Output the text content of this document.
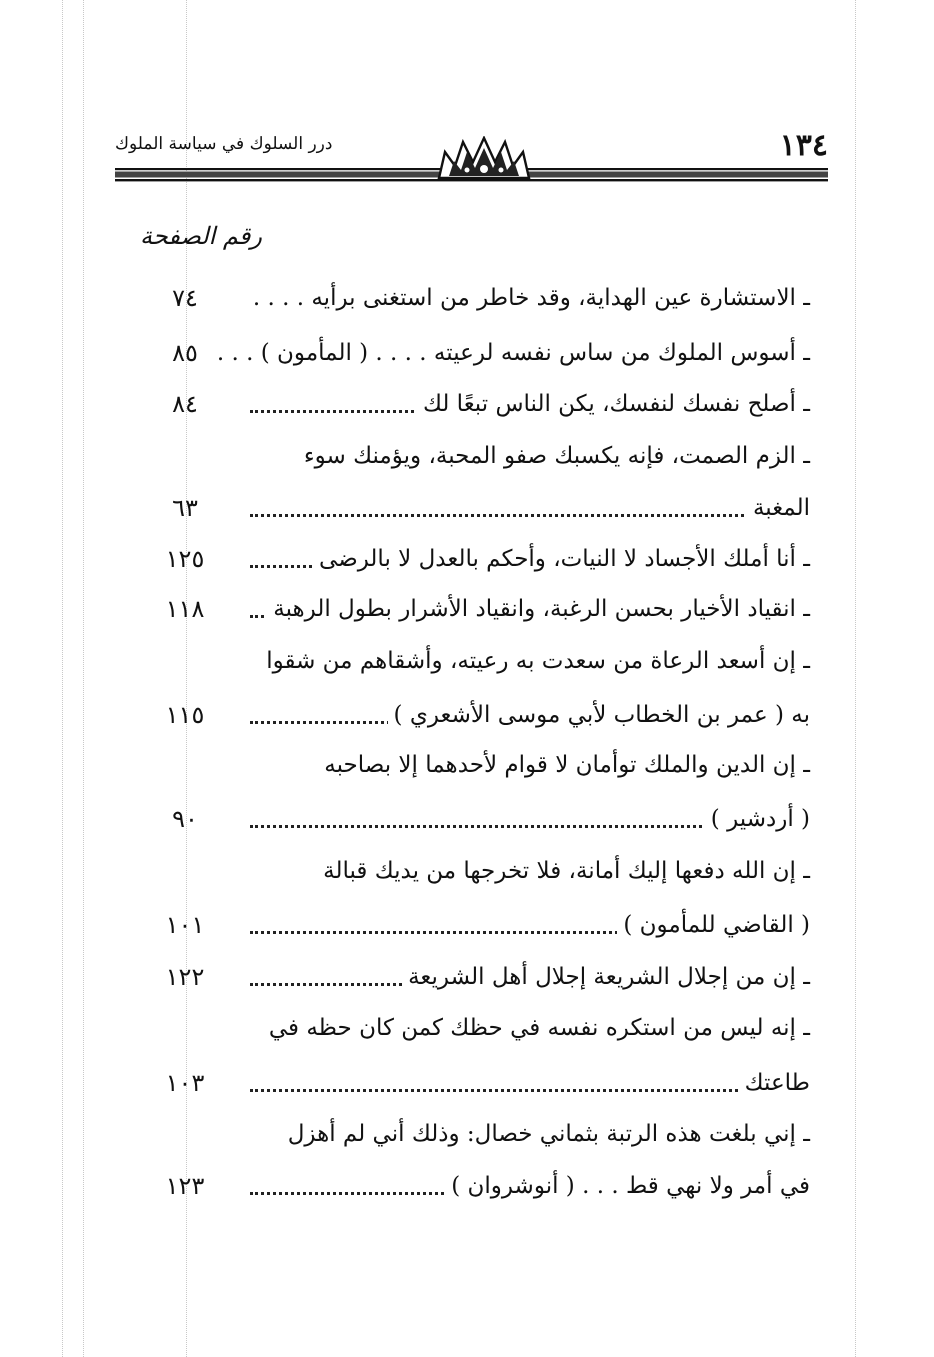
١٣٤
درر السلوك في سياسة الملوك
رقم الصفحة
ـ الاستشارة عين الهداية، وقد خاطر من استغنى برأيه . . . .
٧٤
ـ أسوس الملوك من ساس نفسه لرعيته . . . . ( المأمون ) . . .
٨٥
ـ أصلح نفسك لنفسك، يكن الناس تبعًا لك
٨٤
ـ الزم الصمت، فإنه يكسبك صفو المحبة، ويؤمنك سوء
المغبة
٦٣
ـ أنا أملك الأجساد لا النيات، وأحكم بالعدل لا بالرضى
١٢٥
ـ انقياد الأخيار بحسن الرغبة، وانقياد الأشرار بطول الرهبة
١١٨
ـ إن أسعد الرعاة من سعدت به رعيته، وأشقاهم من شقوا
به ( عمر بن الخطاب لأبي موسى الأشعري )
١١٥
ـ إن الدين والملك توأمان لا قوام لأحدهما إلا بصاحبه
( أردشير )
٩٠
ـ إن الله دفعها إليك أمانة، فلا تخرجها من يديك قبالة
( القاضي للمأمون )
١٠١
ـ إن من إجلال الشريعة إجلال أهل الشريعة
١٢٢
ـ إنه ليس من استكره نفسه في حظك كمن كان حظه في
طاعتك
١٠٣
ـ إني بلغت هذه الرتبة بثماني خصال: وذلك أني لم أهزل
في أمر ولا نهي قط . . . ( أنوشروان )
١٢٣
